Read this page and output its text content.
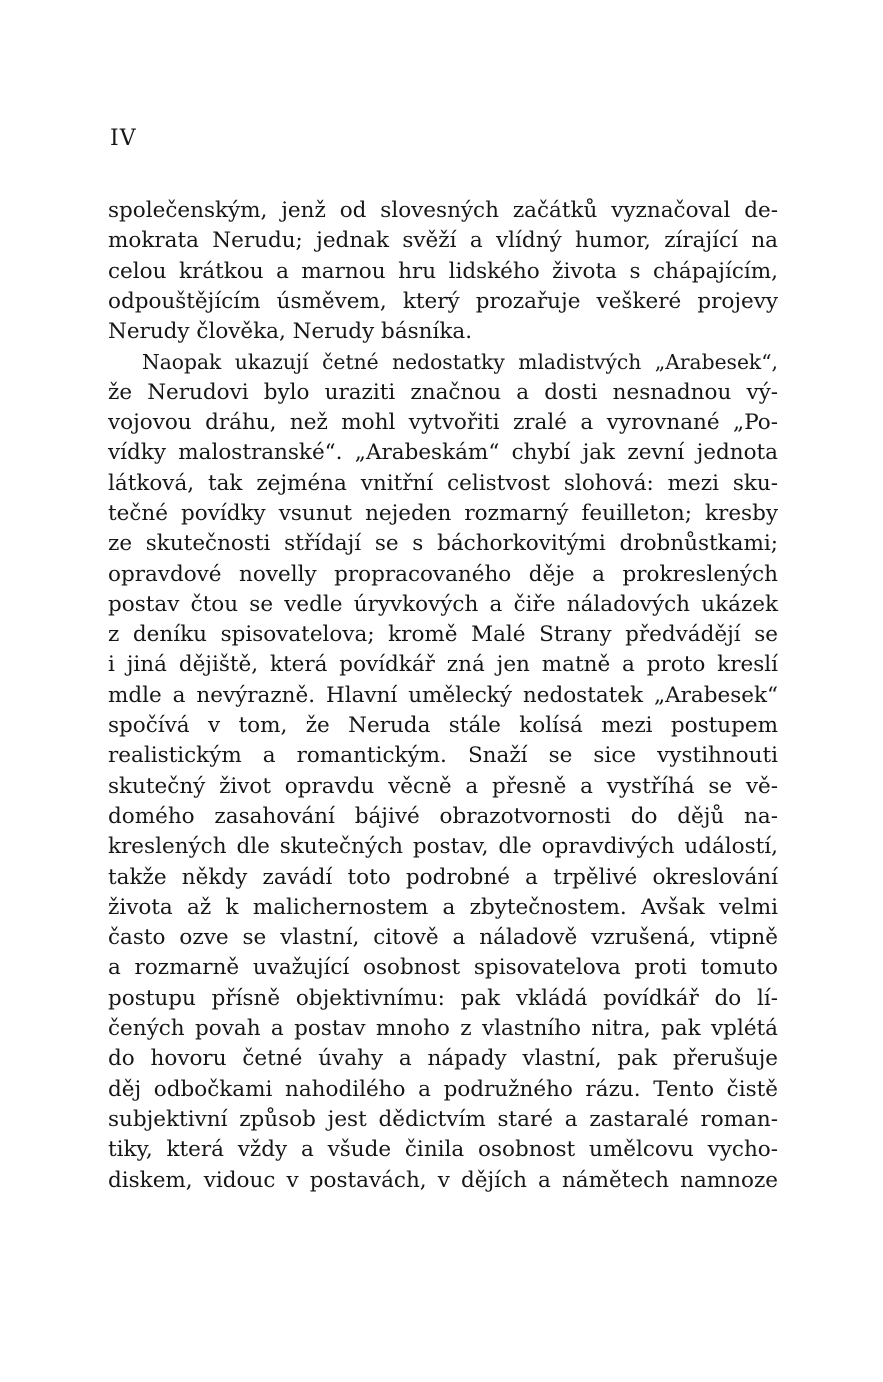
IV
společenským, jenž od slovesných začátků vyznačoval de-
mokrata Nerudu; jednak svěží a vlídný humor, zírající na
celou krátkou a marnou hru lidského života s chápajícím,
odpouštějícím úsměvem, který prozařuje veškeré projevy
Nerudy člověka, Nerudy básníka.
Naopak ukazují četné nedostatky mladistvých „Arabesek“,
že Nerudovi bylo uraziti značnou a dosti nesnadnou vý-
vojovou dráhu, než mohl vytvořiti zralé a vyrovnané „Po-
vídky malostranské“. „Arabeskám“ chybí jak zevní jednota
látková, tak zejména vnitřní celistvost slohová: mezi sku-
tečné povídky vsunut nejeden rozmarný feuilleton; kresby
ze skutečnosti střídají se s báchorkovitými drobnůstkami;
opravdové novelly propracovaného děje a prokreslených
postav čtou se vedle úryvkových a čiře náladových ukázek
z deníku spisovatelova; kromě Malé Strany předvádějí se
i jiná dějiště, která povídkář zná jen matně a proto kreslí
mdle a nevýrazně. Hlavní umělecký nedostatek „Arabesek“
spočívá v tom, že Neruda stále kolísá mezi postupem
realistickým a romantickým. Snaží se sice vystihnouti
skutečný život opravdu věcně a přesně a vystříhá se vě-
domého zasahování bájivé obrazotvornosti do dějů na-
kreslených dle skutečných postav, dle opravdivých událostí,
takže někdy zavádí toto podrobné a trpělivé okreslování
života až k malichernostem a zbytečnostem. Avšak velmi
často ozve se vlastní, citově a náladově vzrušená, vtipně
a rozmarně uvažující osobnost spisovatelova proti tomuto
postupu přísně objektivnímu: pak vkládá povídkář do lí-
čených povah a postav mnoho z vlastního nitra, pak vplétá
do hovoru četné úvahy a nápady vlastní, pak přerušuje
děj odbočkami nahodilého a podružného rázu. Tento čistě
subjektivní způsob jest dědictvím staré a zastaralé roman-
tiky, která vždy a všude činila osobnost umělcovu vycho-
diskem, vidouc v postavách, v dějích a námětech namnoze
